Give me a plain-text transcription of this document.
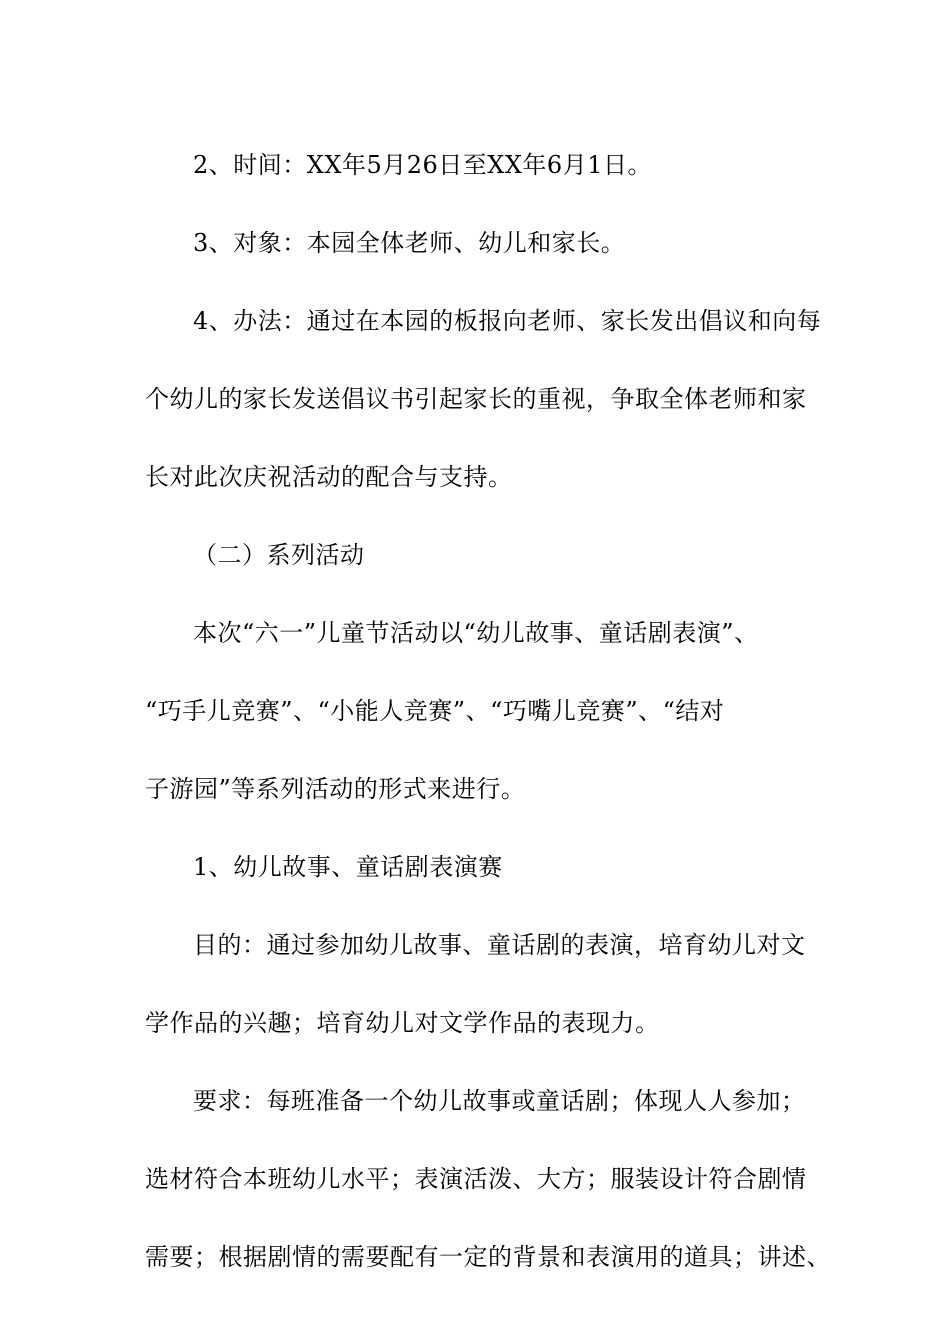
2、时间：XX年5月26日至XX年6月1日。

3、对象：本园全体老师、幼儿和家长。

4、办法：通过在本园的板报向老师、家长发出倡议和向每

个幼儿的家长发送倡议书引起家长的重视，争取全体老师和家

长对此次庆祝活动的配合与支持。

（二）系列活动

本次“六一”儿童节活动以“幼儿故事、童话剧表演”、

“巧手儿竞赛”、“小能人竞赛”、“巧嘴儿竞赛”、“结对

子游园”等系列活动的形式来进行。

1、幼儿故事、童话剧表演赛

目的：通过参加幼儿故事、童话剧的表演，培育幼儿对文

学作品的兴趣；培育幼儿对文学作品的表现力。

要求：每班准备一个幼儿故事或童话剧；体现人人参加；

选材符合本班幼儿水平；表演活泼、大方；服装设计符合剧情

需要；根据剧情的需要配有一定的背景和表演用的道具；讲述、
